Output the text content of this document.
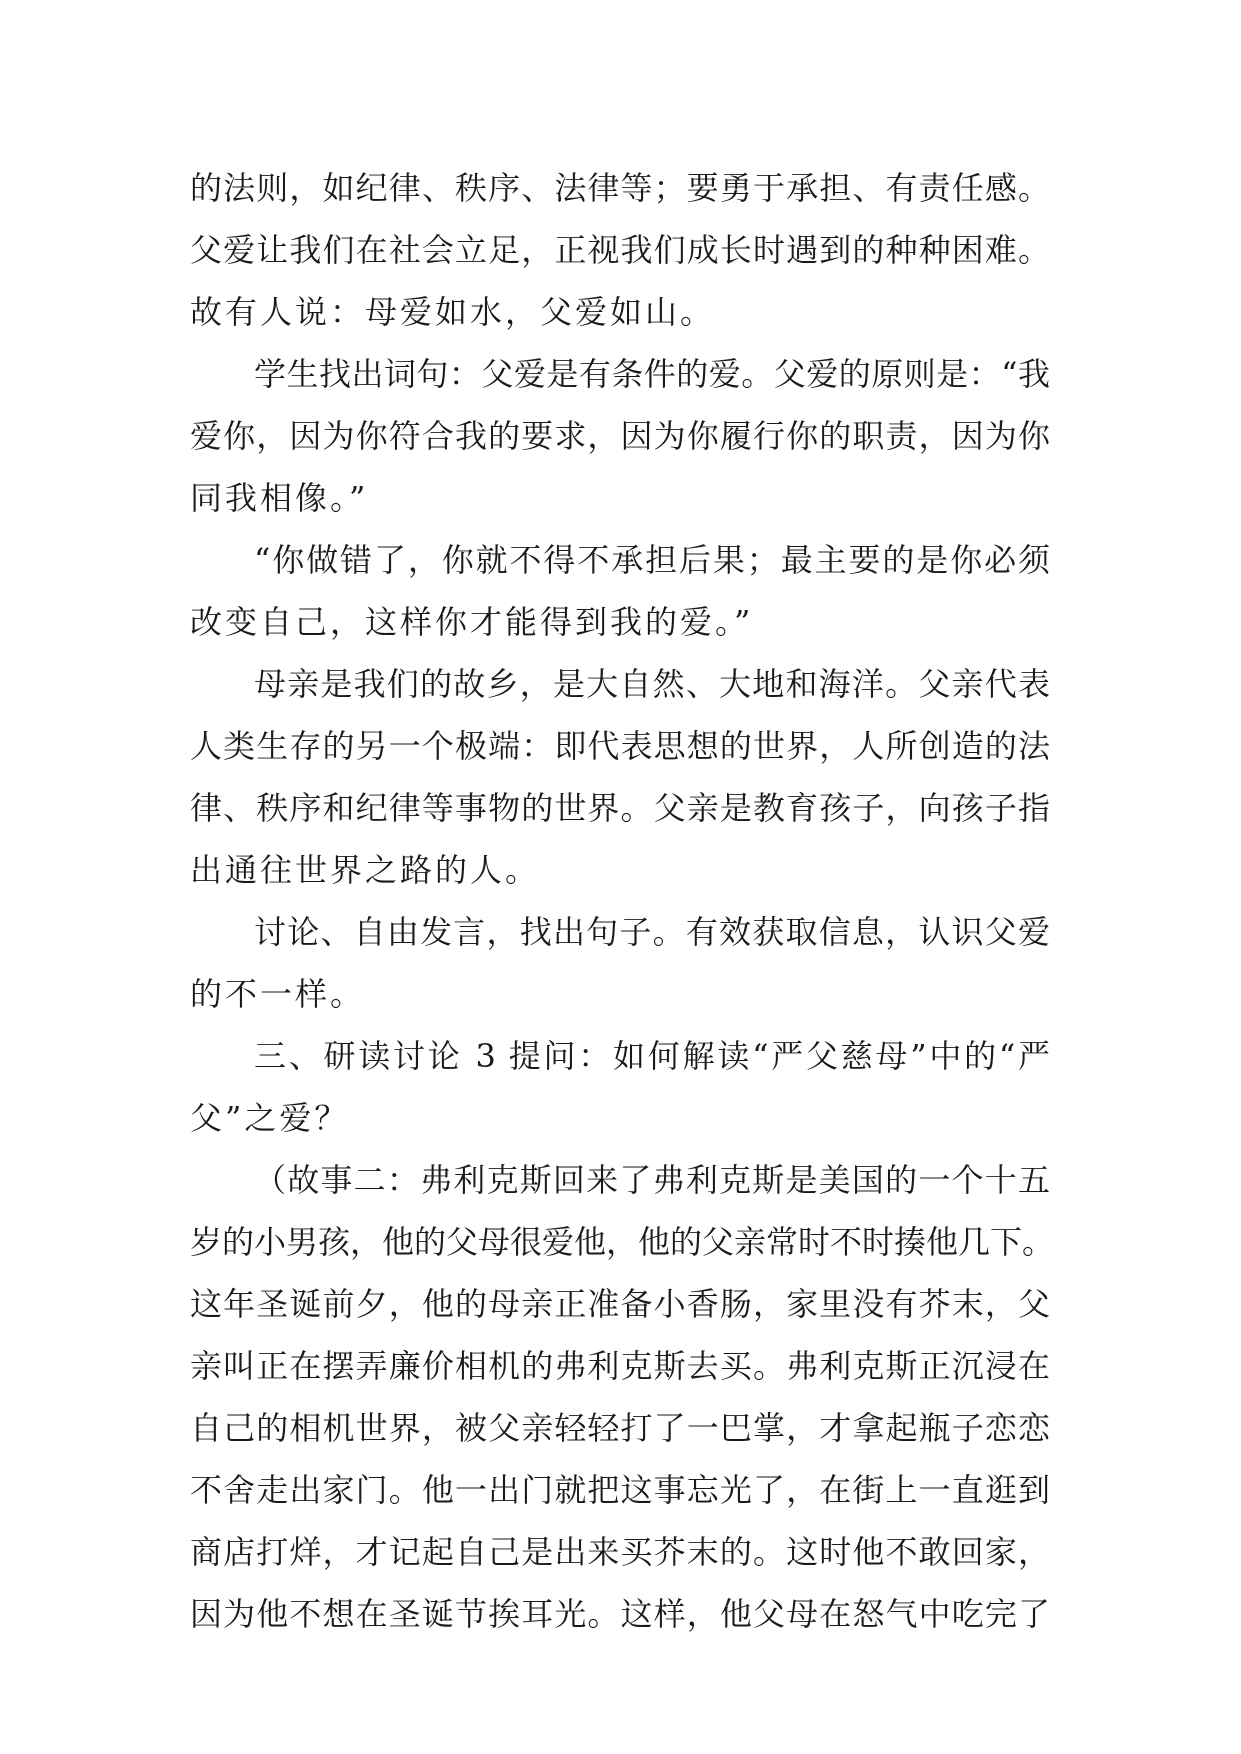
的法则，如纪律、秩序、法律等；要勇于承担、有责任感。
父爱让我们在社会立足，正视我们成长时遇到的种种困难。
故有人说：母爱如水，父爱如山。
学生找出词句：父爱是有条件的爱。父爱的原则是：“我
爱你，因为你符合我的要求，因为你履行你的职责，因为你
同我相像。”
“你做错了，你就不得不承担后果；最主要的是你必须
改变自己，这样你才能得到我的爱。”
母亲是我们的故乡，是大自然、大地和海洋。父亲代表
人类生存的另一个极端：即代表思想的世界，人所创造的法
律、秩序和纪律等事物的世界。父亲是教育孩子，向孩子指
出通往世界之路的人。
讨论、自由发言，找出句子。有效获取信息，认识父爱
的不一样。
三、研读讨论 3 提问：如何解读“严父慈母”中的“严
父”之爱？
（故事二：弗利克斯回来了弗利克斯是美国的一个十五
岁的小男孩，他的父母很爱他，他的父亲常时不时揍他几下。
这年圣诞前夕，他的母亲正准备小香肠，家里没有芥末，父
亲叫正在摆弄廉价相机的弗利克斯去买。弗利克斯正沉浸在
自己的相机世界，被父亲轻轻打了一巴掌，才拿起瓶子恋恋
不舍走出家门。他一出门就把这事忘光了，在街上一直逛到
商店打烊，才记起自己是出来买芥末的。这时他不敢回家，
因为他不想在圣诞节挨耳光。这样，他父母在怒气中吃完了
